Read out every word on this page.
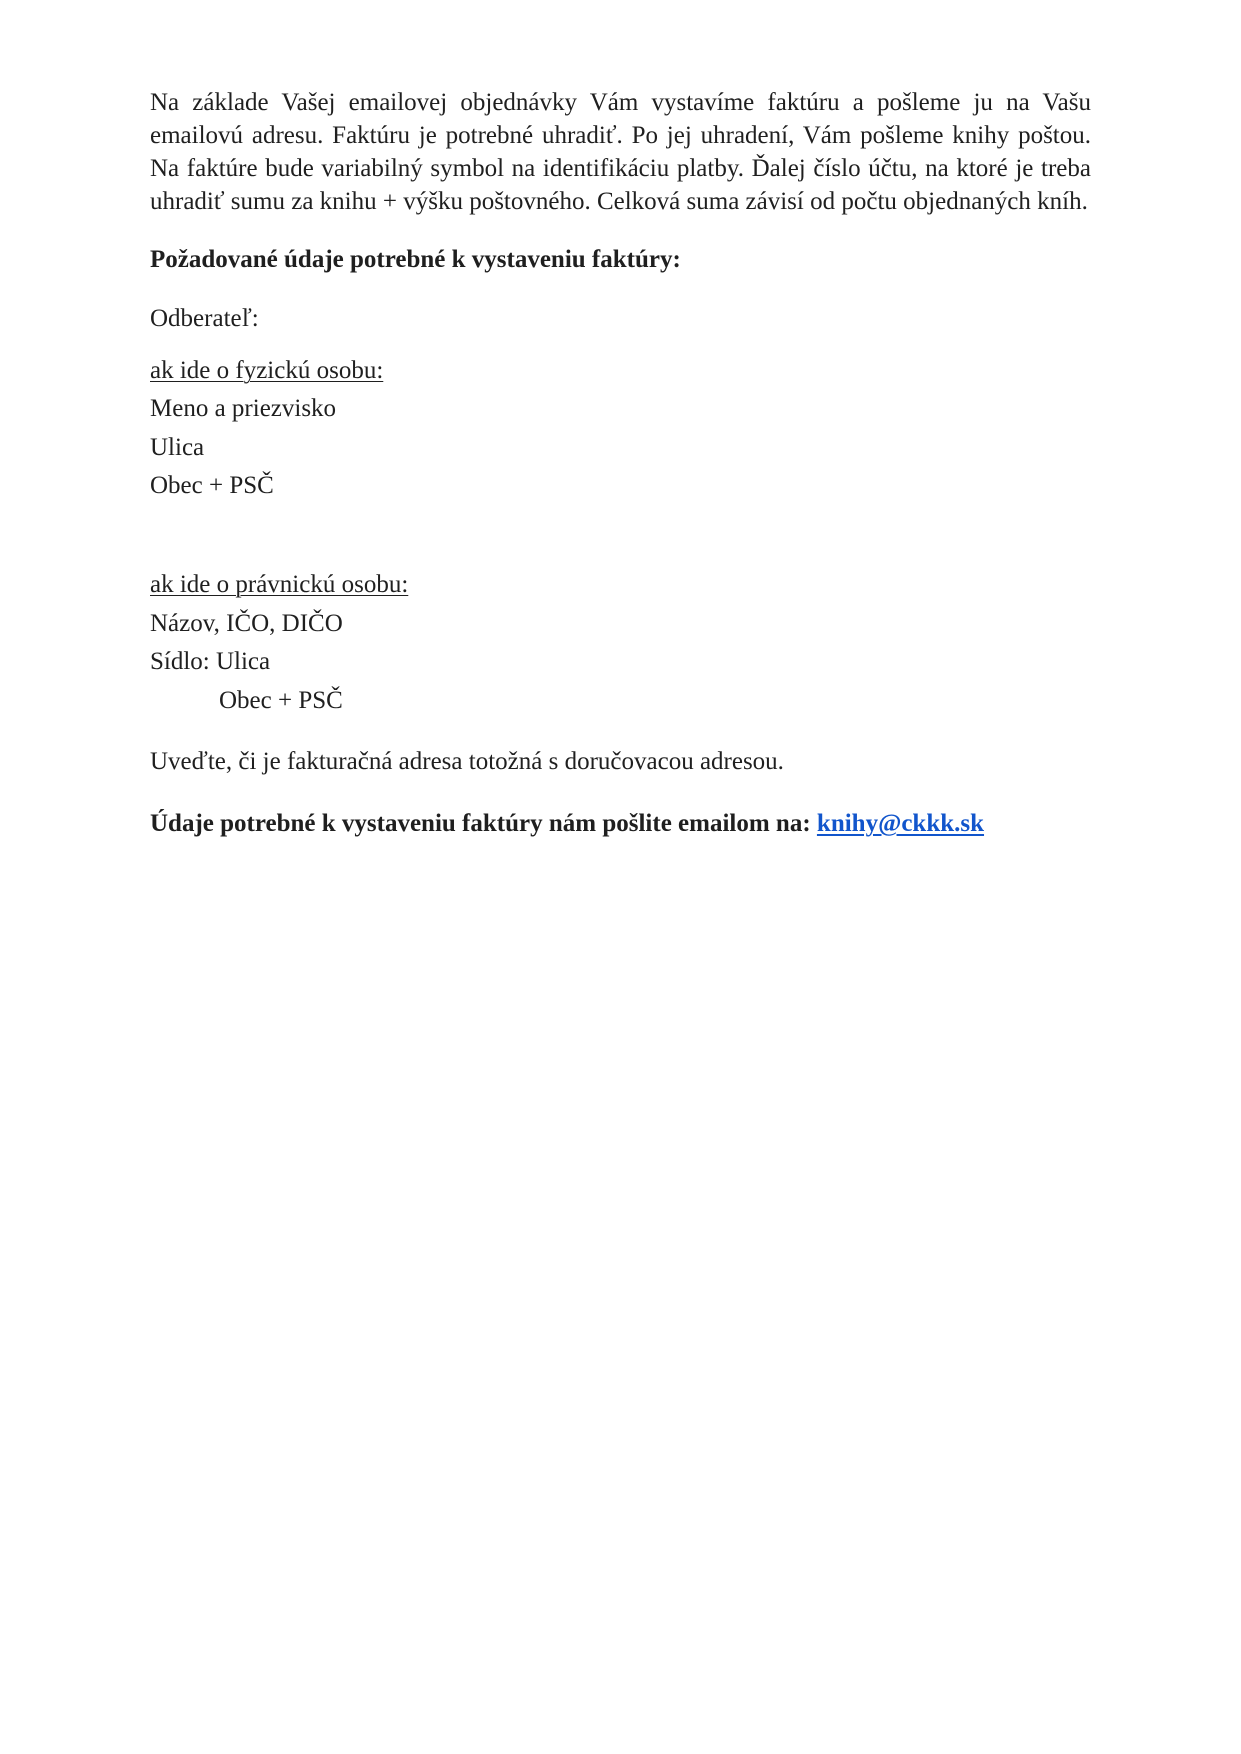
Na základe Vašej emailovej objednávky Vám vystavíme faktúru a pošleme ju na Vašu emailovú adresu. Faktúru je potrebné uhradiť. Po jej uhradení, Vám pošleme knihy poštou. Na faktúre bude variabilný symbol na identifikáciu platby. Ďalej číslo účtu, na ktoré je treba uhradiť sumu za knihu + výšku poštovného. Celková suma závisí od počtu objednaných kníh.

Požadované údaje potrebné k vystaveniu faktúry:

Odberateľ:

ak ide o fyzickú osobu:

Meno a priezvisko

Ulica

Obec + PSČ

ak ide o právnickú osobu:

Názov, IČO, DIČO

Sídlo: Ulica

Obec + PSČ

Uveďte, či je fakturačná adresa totožná s doručovacou adresou.

Údaje potrebné k vystaveniu faktúry nám pošlite emailom na: knihy@ckkk.sk
